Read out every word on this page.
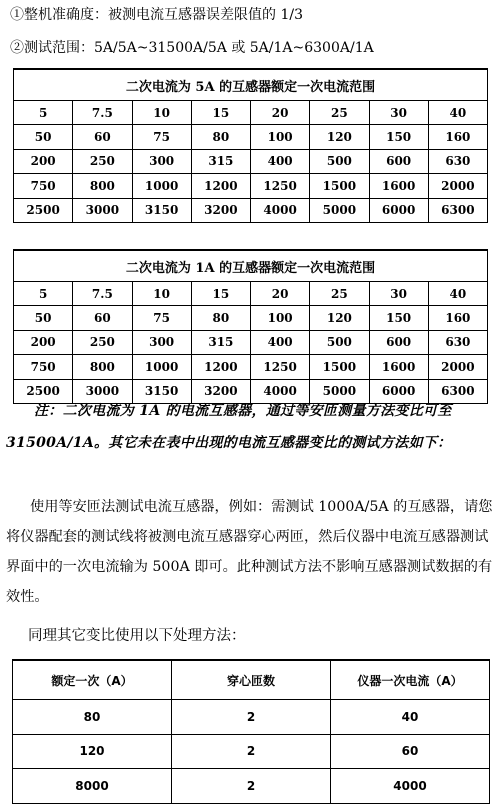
①整机准确度：被测电流互感器误差限值的 1/3
②测试范围：5A/5A~31500A/5A 或 5A/1A~6300A/1A
二次电流为 5A 的互感器额定一次电流范围							
5	7.5	10	15	20	25	30	40
50	60	75	80	100	120	150	160
200	250	300	315	400	500	600	630
750	800	1000	1200	1250	1500	1600	2000
2500	3000	3150	3200	4000	5000	6000	6300
二次电流为 1A 的互感器额定一次电流范围							
5	7.5	10	15	20	25	30	40
50	60	75	80	100	120	150	160
200	250	300	315	400	500	600	630
750	800	1000	1200	1250	1500	1600	2000
2500	3000	3150	3200	4000	5000	6000	6300

注：二次电流为 1A 的电流互感器，通过等安匝测量方法变比可至 31500A/1A。其它未在表中出现的电流互感器变比的测试方法如下：

使用等安匝法测试电流互感器，例如：需测试 1000A/5A 的互感器，请您将仪器配套的测试线将被测电流互感器穿心两匝，然后仪器中电流互感器测试界面中的一次电流输为 500A 即可。此种测试方法不影响互感器测试数据的有效性。

同理其它变比使用以下处理方法：
额定一次（A）	穿心匝数	仪器一次电流（A）
80	2	40
120	2	60
8000	2	4000
